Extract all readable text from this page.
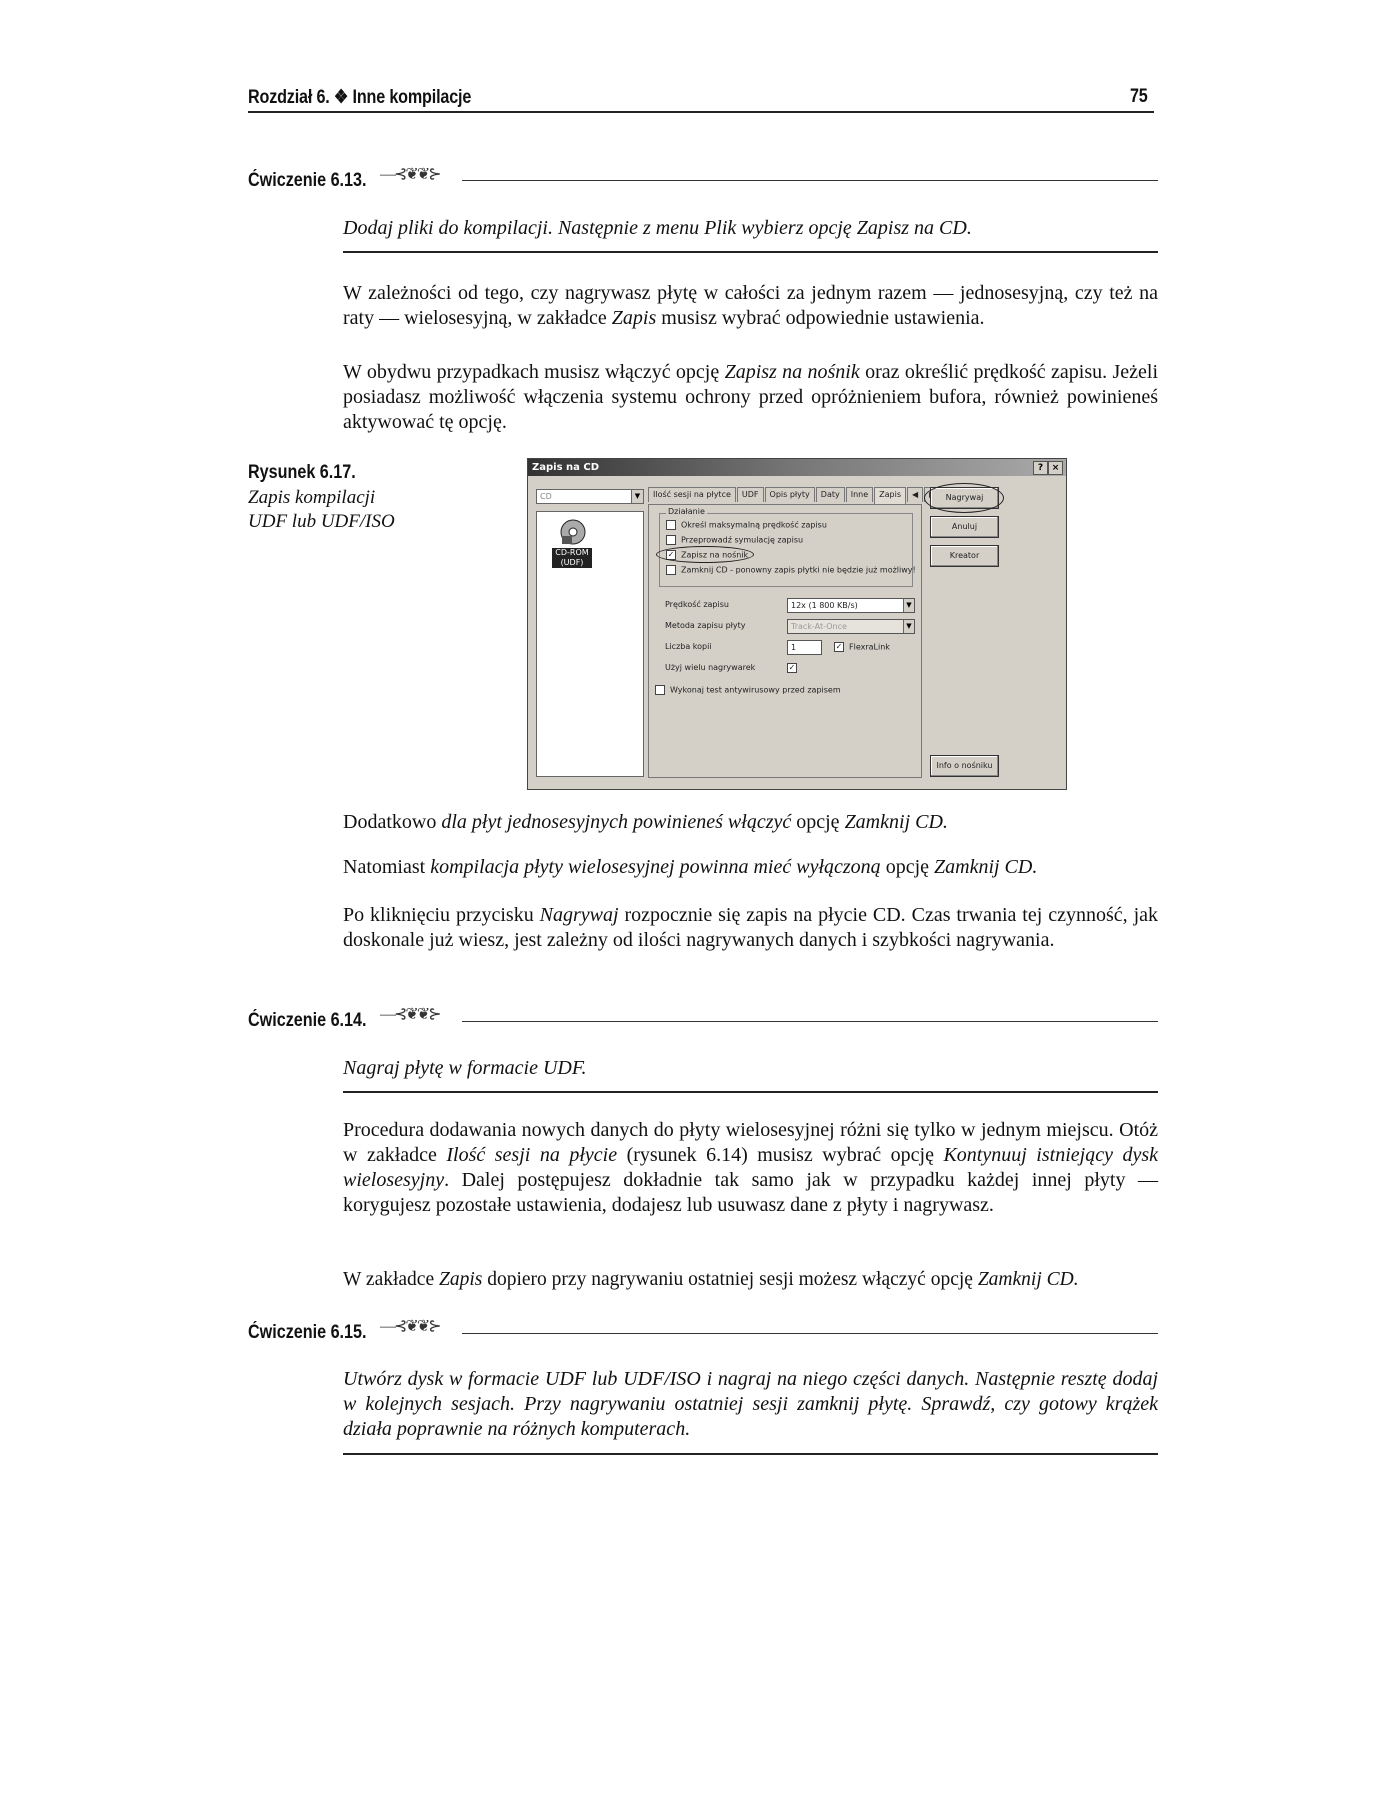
Rozdział 6. ❖ Inne kompilacje	75
Ćwiczenie 6.13. —⊰❦❦⊱
Dodaj pliki do kompilacji. Następnie z menu Plik wybierz opcję Zapisz na CD.
W zależności od tego, czy nagrywasz płytę w całości za jednym razem — jednosesyjną, czy też na raty — wielosesyjną, w zakładce Zapis musisz wybrać odpowiednie ustawienia.
W obydwu przypadkach musisz włączyć opcję Zapisz na nośnik oraz określić prędkość zapisu. Jeżeli posiadasz możliwość włączenia systemu ochrony przed opróżnieniem bufora, również powinieneś aktywować tę opcję.
Rysunek 6.17.
Zapis kompilacji
UDF lub UDF/ISO
Zapis na CD	? ×
CD	▼
CD-ROM (UDF)
Ilość sesji na płytce UDF Opis płyty Daty Inne Zapis ◀
Działanie
Określ maksymalną prędkość zapisu
Przeprowadź symulację zapisu
✓ Zapisz na nośnik
Zamknij CD - ponowny zapis płytki nie będzie już możliwy!
Prędkość zapisu	12x (1 800 KB/s)	▼
Metoda zapisu płyty	Track-At-Once	▼
Liczba kopii	1	✓ FlexraLink
Użyj wielu nagrywarek	✓
Wykonaj test antywirusowy przed zapisem
Nagrywaj
Anuluj
Kreator
Info o nośniku
Dodatkowo dla płyt jednosesyjnych powinieneś włączyć opcję Zamknij CD.
Natomiast kompilacja płyty wielosesyjnej powinna mieć wyłączoną opcję Zamknij CD.
Po kliknięciu przycisku Nagrywaj rozpocznie się zapis na płycie CD. Czas trwania tej czynność, jak doskonale już wiesz, jest zależny od ilości nagrywanych danych i szybkości nagrywania.
Ćwiczenie 6.14. —⊰❦❦⊱
Nagraj płytę w formacie UDF.
Procedura dodawania nowych danych do płyty wielosesyjnej różni się tylko w jednym miejscu. Otóż w zakładce Ilość sesji na płycie (rysunek 6.14) musisz wybrać opcję Kontynuuj istniejący dysk wielosesyjny. Dalej postępujesz dokładnie tak samo jak w przypadku każdej innej płyty — korygujesz pozostałe ustawienia, dodajesz lub usuwasz dane z płyty i nagrywasz.
W zakładce Zapis dopiero przy nagrywaniu ostatniej sesji możesz włączyć opcję Zamknij CD.
Ćwiczenie 6.15. —⊰❦❦⊱
Utwórz dysk w formacie UDF lub UDF/ISO i nagraj na niego części danych. Następnie resztę dodaj w kolejnych sesjach. Przy nagrywaniu ostatniej sesji zamknij płytę. Sprawdź, czy gotowy krążek działa poprawnie na różnych komputerach.
